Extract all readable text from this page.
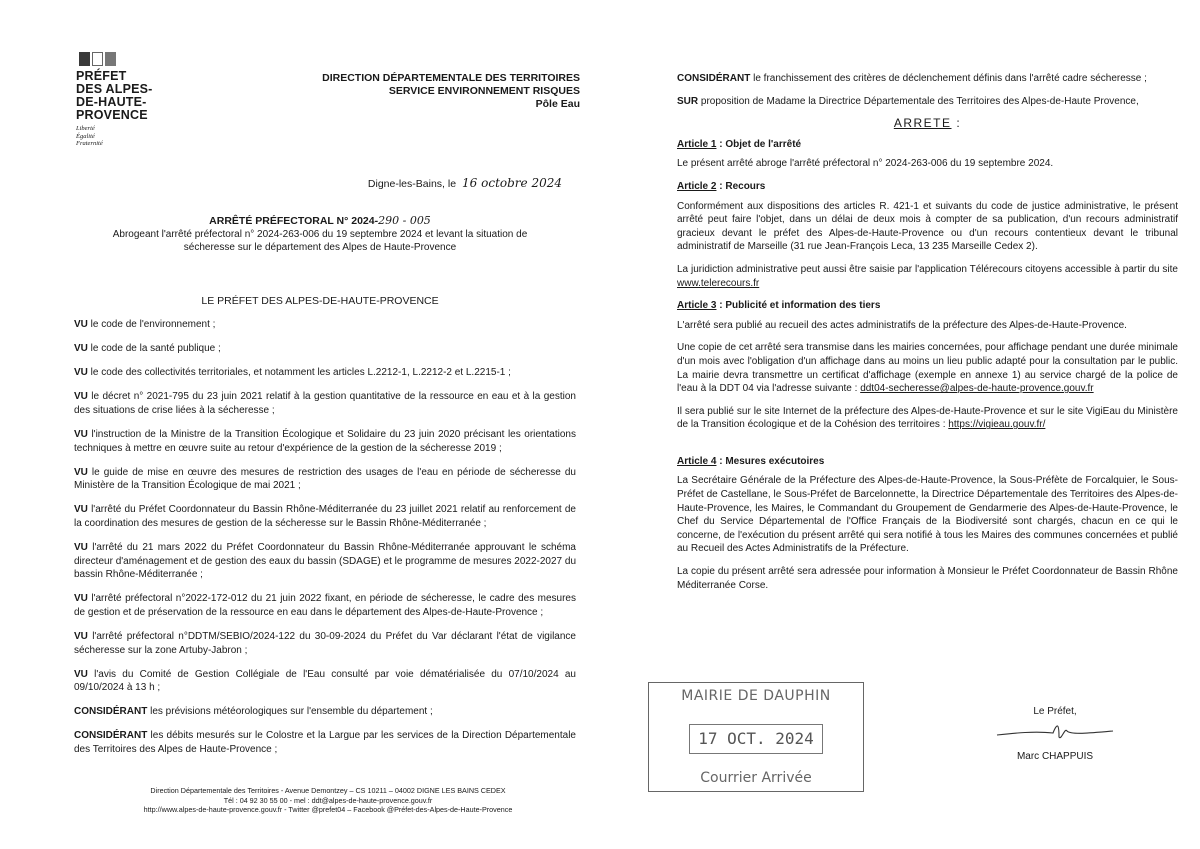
PRÉFET
DES ALPES-
DE-HAUTE-
PROVENCE
Liberté
Égalité
Fraternité
DIRECTION DÉPARTEMENTALE DES TERRITOIRES
SERVICE ENVIRONNEMENT RISQUES
Pôle Eau
Digne-les-Bains, le 16 octobre 2024
ARRÊTÉ PRÉFECTORAL N° 2024-290 - 005
Abrogeant l'arrêté préfectoral n° 2024-263-006 du 19 septembre 2024 et levant la situation de
sécheresse sur le département des Alpes de Haute-Provence
LE PRÉFET DES ALPES-DE-HAUTE-PROVENCE

VU le code de l'environnement ;

VU le code de la santé publique ;

VU le code des collectivités territoriales, et notamment les articles L.2212-1, L.2212-2 et L.2215-1 ;

VU le décret n° 2021-795 du 23 juin 2021 relatif à la gestion quantitative de la ressource en eau et à la gestion des situations de crise liées à la sécheresse ;

VU l'instruction de la Ministre de la Transition Écologique et Solidaire du 23 juin 2020 précisant les orientations techniques à mettre en œuvre suite au retour d'expérience de la gestion de la sécheresse 2019 ;

VU le guide de mise en œuvre des mesures de restriction des usages de l'eau en période de sécheresse du Ministère de la Transition Écologique de mai 2021 ;

VU l'arrêté du Préfet Coordonnateur du Bassin Rhône-Méditerranée du 23 juillet 2021 relatif au renforcement de la coordination des mesures de gestion de la sécheresse sur le Bassin Rhône-Méditerranée ;

VU l'arrêté du 21 mars 2022 du Préfet Coordonnateur du Bassin Rhône-Méditerranée approuvant le schéma directeur d'aménagement et de gestion des eaux du bassin (SDAGE) et le programme de mesures 2022-2027 du bassin Rhône-Méditerranée ;

VU l'arrêté préfectoral n°2022-172-012 du 21 juin 2022 fixant, en période de sécheresse, le cadre des mesures de gestion et de préservation de la ressource en eau dans le département des Alpes-de-Haute-Provence ;

VU l'arrêté préfectoral n°DDTM/SEBIO/2024-122 du 30-09-2024 du Préfet du Var déclarant l'état de vigilance sécheresse sur la zone Artuby-Jabron ;

VU l'avis du Comité de Gestion Collégiale de l'Eau consulté par voie dématérialisée du 07/10/2024 au 09/10/2024 à 13 h ;

CONSIDÉRANT les prévisions météorologiques sur l'ensemble du département ;

CONSIDÉRANT les débits mesurés sur le Colostre et la Largue par les services de la Direction Départementale des Territoires des Alpes de Haute-Provence ;

Direction Départementale des Territoires - Avenue Demontzey – CS 10211 – 04002 DIGNE LES BAINS CEDEX
Tél : 04 92 30 55 00 - mel : ddt@alpes-de-haute-provence.gouv.fr
http://www.alpes-de-haute-provence.gouv.fr - Twitter @prefet04 – Facebook @Préfet-des-Alpes-de-Haute-Provence

CONSIDÉRANT le franchissement des critères de déclenchement définis dans l'arrêté cadre sécheresse ;

SUR proposition de Madame la Directrice Départementale des Territoires des Alpes-de-Haute Provence,

ARRETE :
Article 1 : Objet de l'arrêté

Le présent arrêté abroge l'arrêté préfectoral n° 2024-263-006 du 19 septembre 2024.

Article 2 : Recours

Conformément aux dispositions des articles R. 421-1 et suivants du code de justice administrative, le présent arrêté peut faire l'objet, dans un délai de deux mois à compter de sa publication, d'un recours administratif gracieux devant le préfet des Alpes-de-Haute-Provence ou d'un recours contentieux devant le tribunal administratif de Marseille (31 rue Jean-François Leca, 13 235 Marseille Cedex 2).

La juridiction administrative peut aussi être saisie par l'application Télérecours citoyens accessible à partir du site www.telerecours.fr

Article 3 : Publicité et information des tiers

L'arrêté sera publié au recueil des actes administratifs de la préfecture des Alpes-de-Haute-Provence.

Une copie de cet arrêté sera transmise dans les mairies concernées, pour affichage pendant une durée minimale d'un mois avec l'obligation d'un affichage dans au moins un lieu public adapté pour la consultation par le public. La mairie devra transmettre un certificat d'affichage (exemple en annexe 1) au service chargé de la police de l'eau à la DDT 04 via l'adresse suivante : ddt04-secheresse@alpes-de-haute-provence.gouv.fr

Il sera publié sur le site Internet de la préfecture des Alpes-de-Haute-Provence et sur le site VigiEau du Ministère de la Transition écologique et de la Cohésion des territoires : https://vigieau.gouv.fr/

Article 4 : Mesures exécutoires

La Secrétaire Générale de la Préfecture des Alpes-de-Haute-Provence, la Sous-Préfète de Forcalquier, le Sous-Préfet de Castellane, le Sous-Préfet de Barcelonnette, la Directrice Départementale des Territoires des Alpes-de-Haute-Provence, les Maires, le Commandant du Groupement de Gendarmerie des Alpes-de-Haute-Provence, le Chef du Service Départemental de l'Office Français de la Biodiversité sont chargés, chacun en ce qui le concerne, de l'exécution du présent arrêté qui sera notifié à tous les Maires des communes concernées et publié au Recueil des Actes Administratifs de la Préfecture.

La copie du présent arrêté sera adressée pour information à Monsieur le Préfet Coordonnateur de Bassin Rhône Méditerranée Corse.

MAIRIE DE DAUPHIN
17 OCT. 2024
Courrier Arrivée
Le Préfet,
Marc CHAPPUIS
